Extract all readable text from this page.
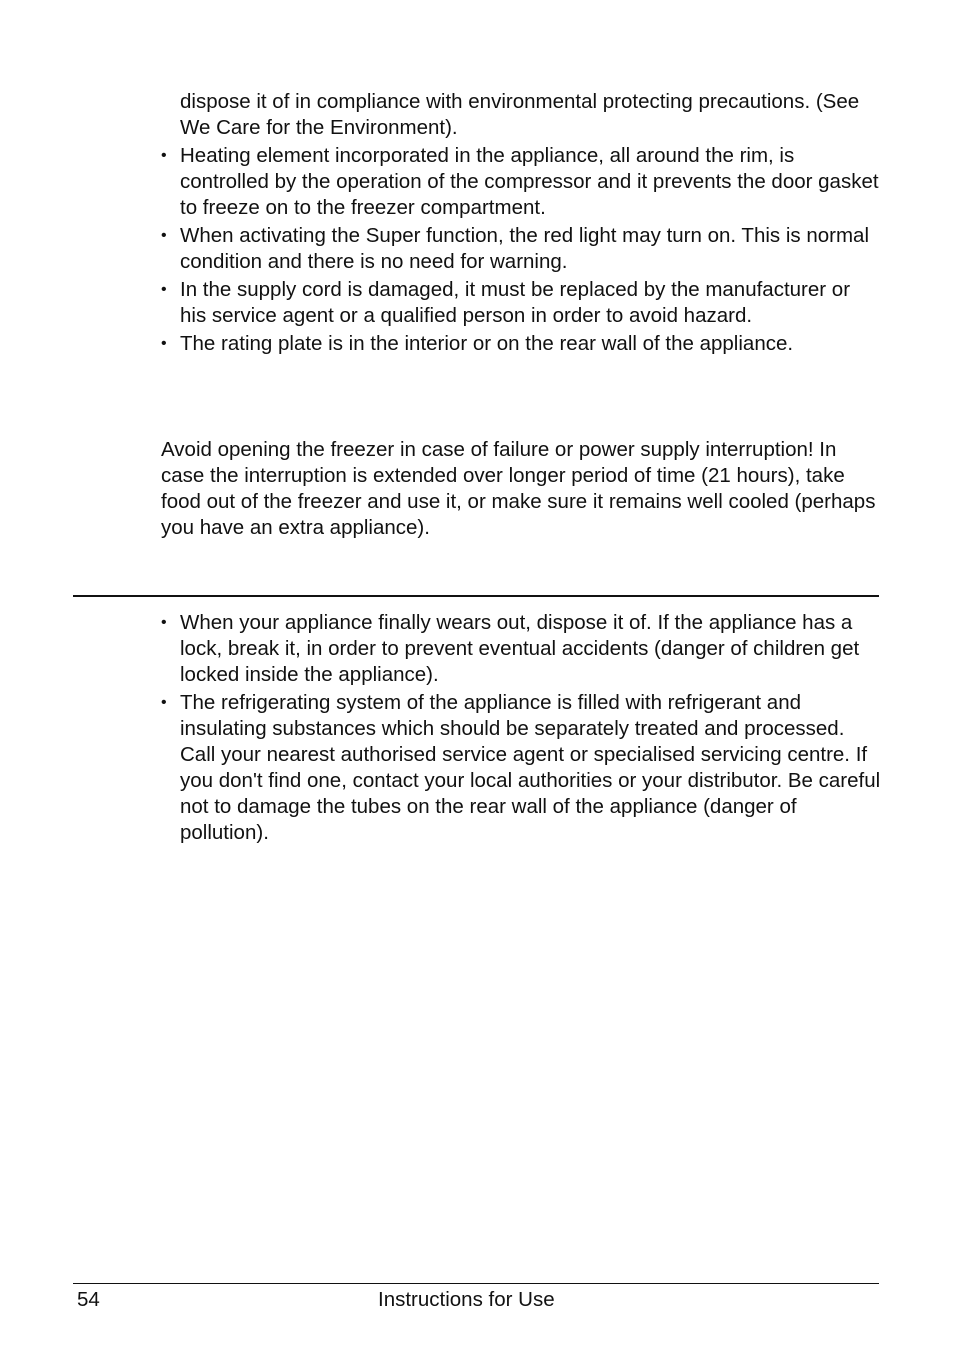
dispose it of in compliance with environmental protecting precautions. (See We Care for the Environment).
• Heating element incorporated in the appliance, all around the rim, is controlled by the operation of the compressor and it prevents the door gasket to freeze on to the freezer compartment.
• When activating the Super function, the red light may turn on. This is normal condition and there is no need for warning.
• In the supply cord is damaged, it must be replaced by the manufacturer or his service agent or a qualified person in order to avoid hazard.
• The rating plate is in the interior or on the rear wall of the appliance.
Avoid opening the freezer in case of failure or power supply interruption! In case the interruption is extended over longer period of time (21 hours), take food out of the freezer and use it, or make sure it remains well cooled (perhaps you have an extra appliance).
• When your appliance finally wears out, dispose it of. If the appliance has a lock, break it, in order to prevent eventual accidents (danger of children get locked inside the appliance).
• The refrigerating system of the appliance is filled with refrigerant and insulating substances which should be separately treated and processed. Call your nearest authorised service agent or specialised servicing centre. If you don't find one, contact your local authorities or your distributor. Be careful not to damage the tubes on the rear wall of the appliance (danger of pollution).
54	Instructions for Use
